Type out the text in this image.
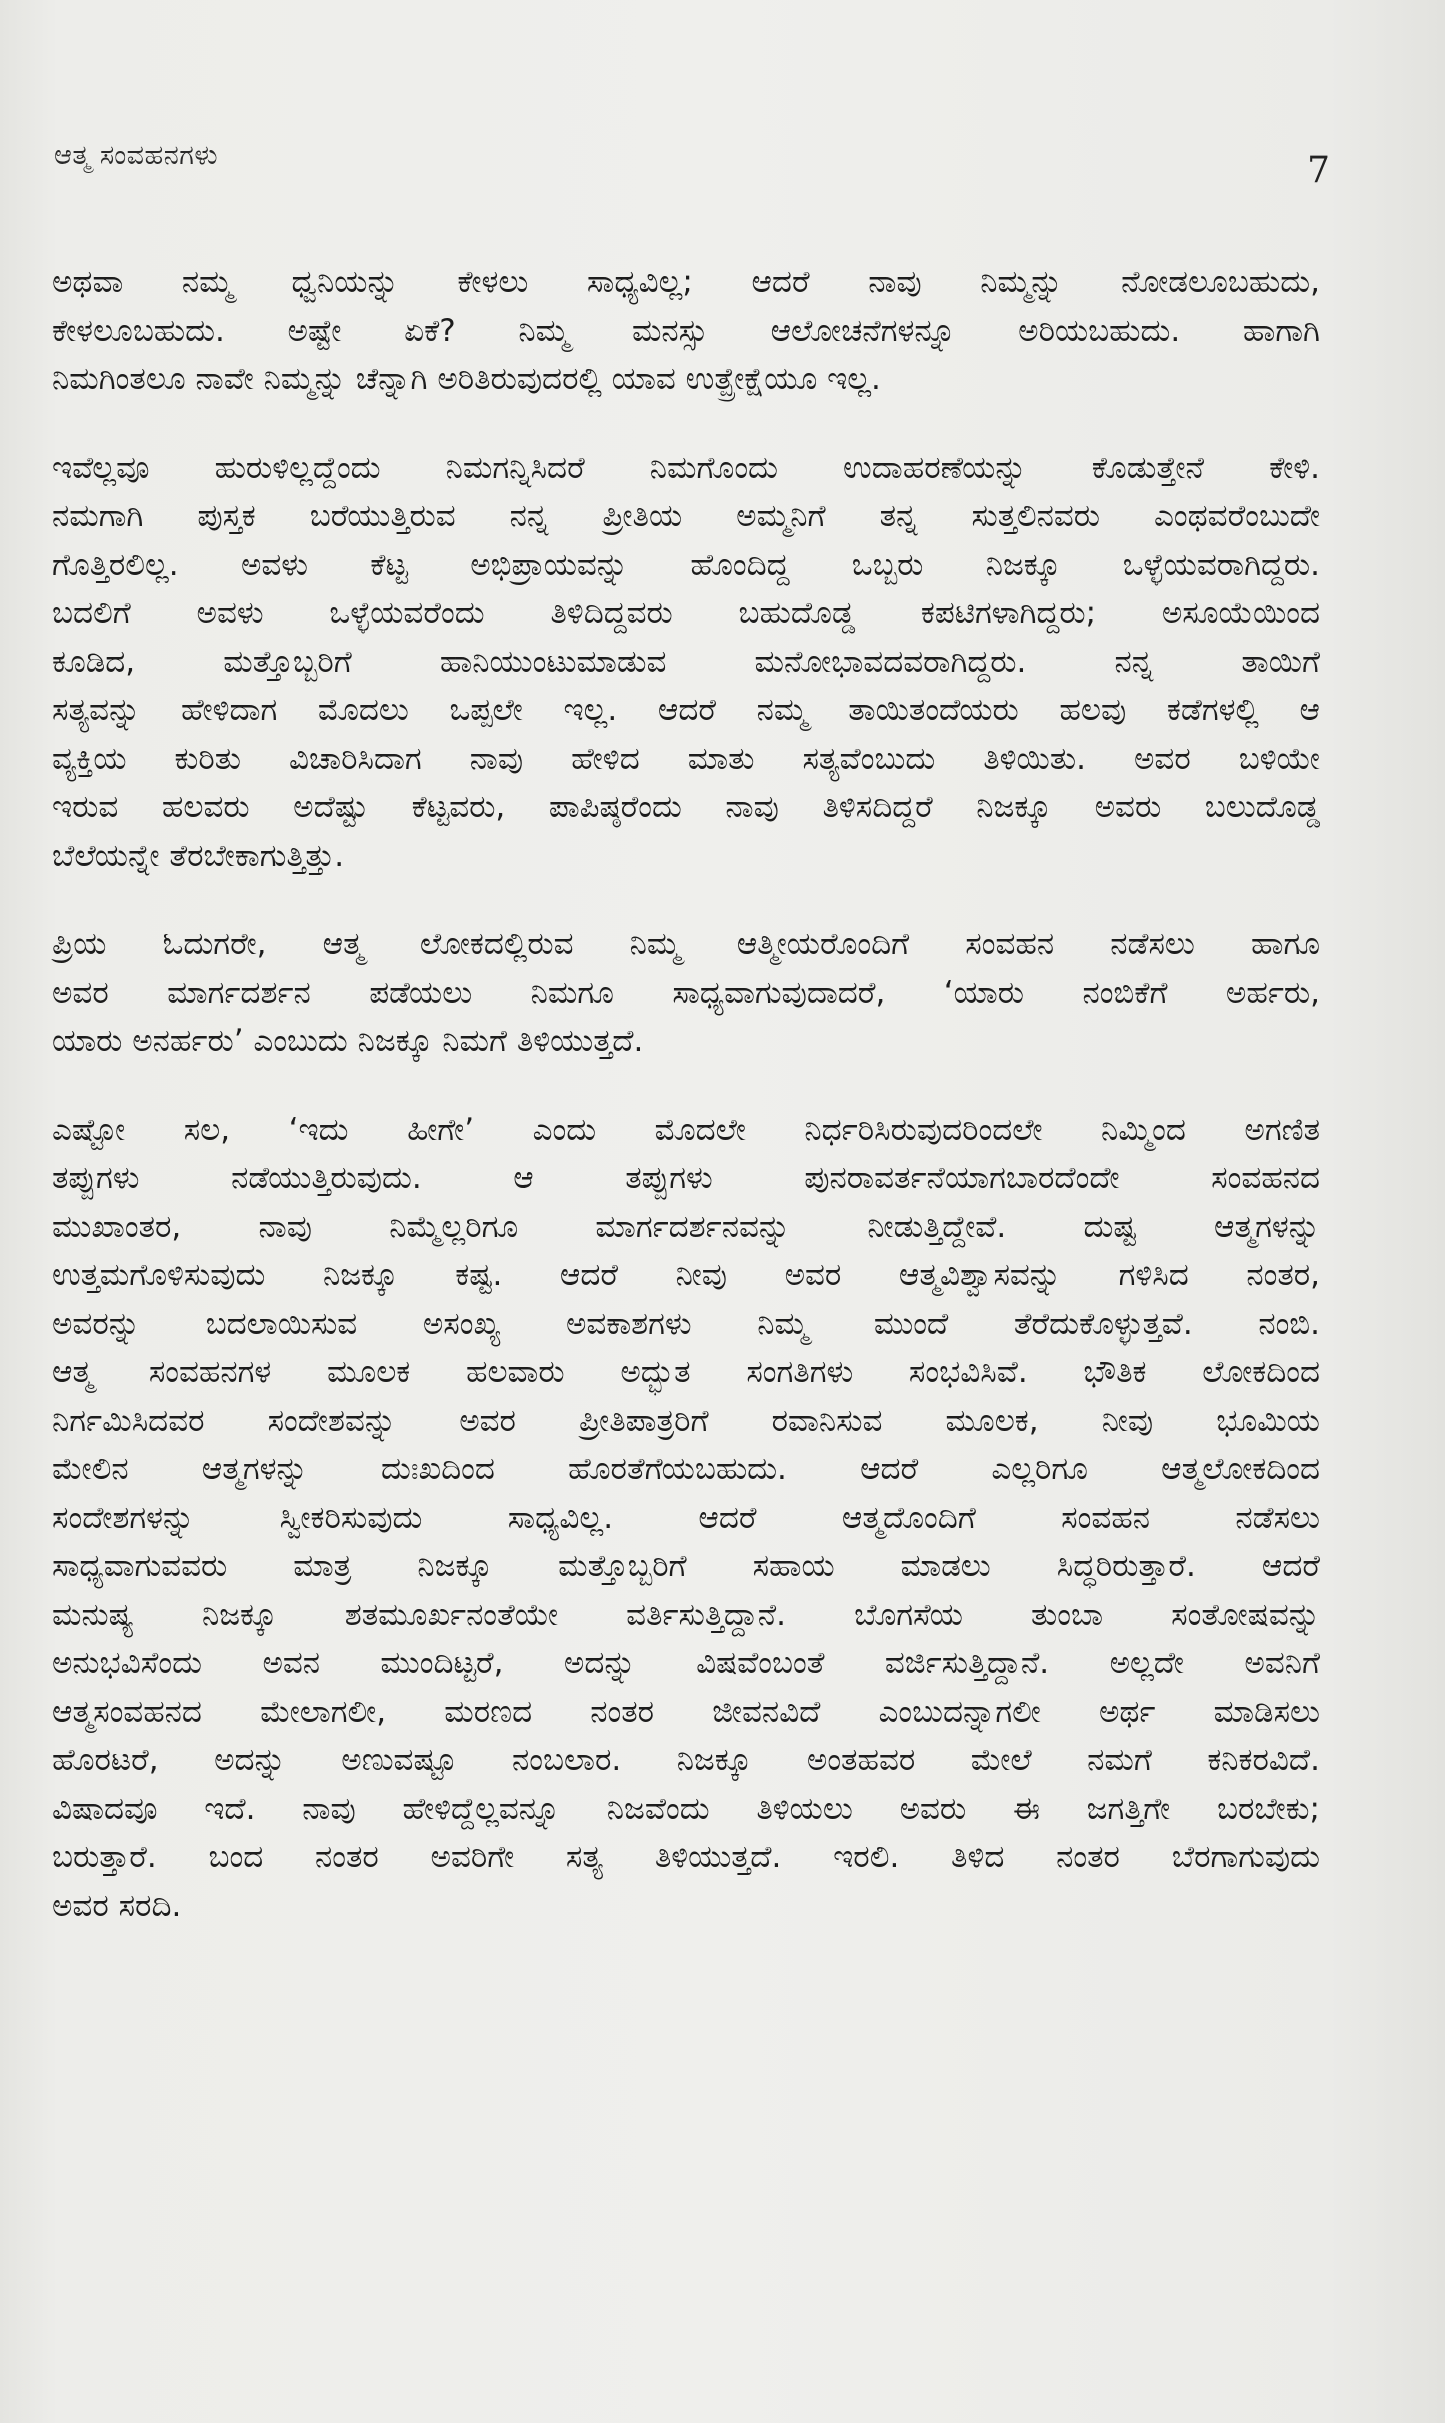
ಆತ್ಮ ಸಂವಹನಗಳು	7

ಅಥವಾ ನಮ್ಮ ಧ್ವನಿಯನ್ನು ಕೇಳಲು ಸಾಧ್ಯವಿಲ್ಲ; ಆದರೆ ನಾವು ನಿಮ್ಮನ್ನು ನೋಡಲೂಬಹುದು,
ಕೇಳಲೂಬಹುದು. ಅಷ್ಟೇ ಏಕೆ? ನಿಮ್ಮ ಮನಸ್ಸು ಆಲೋಚನೆಗಳನ್ನೂ ಅರಿಯಬಹುದು. ಹಾಗಾಗಿ
ನಿಮಗಿಂತಲೂ ನಾವೇ ನಿಮ್ಮನ್ನು ಚೆನ್ನಾಗಿ ಅರಿತಿರುವುದರಲ್ಲಿ ಯಾವ ಉತ್ಪ್ರೇಕ್ಷೆಯೂ ಇಲ್ಲ.

ಇವೆಲ್ಲವೂ ಹುರುಳಿಲ್ಲದ್ದೆಂದು ನಿಮಗನ್ನಿಸಿದರೆ ನಿಮಗೊಂದು ಉದಾಹರಣೆಯನ್ನು ಕೊಡುತ್ತೇನೆ ಕೇಳಿ.
ನಮಗಾಗಿ ಪುಸ್ತಕ ಬರೆಯುತ್ತಿರುವ ನನ್ನ ಪ್ರೀತಿಯ ಅಮ್ಮನಿಗೆ ತನ್ನ ಸುತ್ತಲಿನವರು ಎಂಥವರೆಂಬುದೇ
ಗೊತ್ತಿರಲಿಲ್ಲ. ಅವಳು ಕೆಟ್ಟ ಅಭಿಪ್ರಾಯವನ್ನು ಹೊಂದಿದ್ದ ಒಬ್ಬರು ನಿಜಕ್ಕೂ ಒಳ್ಳೆಯವರಾಗಿದ್ದರು.
ಬದಲಿಗೆ ಅವಳು ಒಳ್ಳೆಯವರೆಂದು ತಿಳಿದಿದ್ದವರು ಬಹುದೊಡ್ಡ ಕಪಟಿಗಳಾಗಿದ್ದರು; ಅಸೂಯೆಯಿಂದ
ಕೂಡಿದ, ಮತ್ತೊಬ್ಬರಿಗೆ ಹಾನಿಯುಂಟುಮಾಡುವ ಮನೋಭಾವದವರಾಗಿದ್ದರು. ನನ್ನ ತಾಯಿಗೆ
ಸತ್ಯವನ್ನು ಹೇಳಿದಾಗ ಮೊದಲು ಒಪ್ಪಲೇ ಇಲ್ಲ. ಆದರೆ ನಮ್ಮ ತಾಯಿತಂದೆಯರು ಹಲವು ಕಡೆಗಳಲ್ಲಿ ಆ
ವ್ಯಕ್ತಿಯ ಕುರಿತು ವಿಚಾರಿಸಿದಾಗ ನಾವು ಹೇಳಿದ ಮಾತು ಸತ್ಯವೆಂಬುದು ತಿಳಿಯಿತು. ಅವರ ಬಳಿಯೇ
ಇರುವ ಹಲವರು ಅದೆಷ್ಟು ಕೆಟ್ಟವರು, ಪಾಪಿಷ್ಠರೆಂದು ನಾವು ತಿಳಿಸದಿದ್ದರೆ ನಿಜಕ್ಕೂ ಅವರು ಬಲುದೊಡ್ಡ
ಬೆಲೆಯನ್ನೇ ತೆರಬೇಕಾಗುತ್ತಿತ್ತು.

ಪ್ರಿಯ ಓದುಗರೇ, ಆತ್ಮ ಲೋಕದಲ್ಲಿರುವ ನಿಮ್ಮ ಆತ್ಮೀಯರೊಂದಿಗೆ ಸಂವಹನ ನಡೆಸಲು ಹಾಗೂ
ಅವರ ಮಾರ್ಗದರ್ಶನ ಪಡೆಯಲು ನಿಮಗೂ ಸಾಧ್ಯವಾಗುವುದಾದರೆ, ‘ಯಾರು ನಂಬಿಕೆಗೆ ಅರ್ಹರು,
ಯಾರು ಅನರ್ಹರು’ ಎಂಬುದು ನಿಜಕ್ಕೂ ನಿಮಗೆ ತಿಳಿಯುತ್ತದೆ.

ಎಷ್ಟೋ ಸಲ, ‘ಇದು ಹೀಗೇ’ ಎಂದು ಮೊದಲೇ ನಿರ್ಧರಿಸಿರುವುದರಿಂದಲೇ ನಿಮ್ಮಿಂದ ಅಗಣಿತ
ತಪ್ಪುಗಳು ನಡೆಯುತ್ತಿರುವುದು. ಆ ತಪ್ಪುಗಳು ಪುನರಾವರ್ತನೆಯಾಗಬಾರದೆಂದೇ ಸಂವಹನದ
ಮುಖಾಂತರ, ನಾವು ನಿಮ್ಮೆಲ್ಲರಿಗೂ ಮಾರ್ಗದರ್ಶನವನ್ನು ನೀಡುತ್ತಿದ್ದೇವೆ. ದುಷ್ಟ ಆತ್ಮಗಳನ್ನು
ಉತ್ತಮಗೊಳಿಸುವುದು ನಿಜಕ್ಕೂ ಕಷ್ಟ. ಆದರೆ ನೀವು ಅವರ ಆತ್ಮವಿಶ್ವಾಸವನ್ನು ಗಳಿಸಿದ ನಂತರ,
ಅವರನ್ನು ಬದಲಾಯಿಸುವ ಅಸಂಖ್ಯ ಅವಕಾಶಗಳು ನಿಮ್ಮ ಮುಂದೆ ತೆರೆದುಕೊಳ್ಳುತ್ತವೆ. ನಂಬಿ.
ಆತ್ಮ ಸಂವಹನಗಳ ಮೂಲಕ ಹಲವಾರು ಅದ್ಭುತ ಸಂಗತಿಗಳು ಸಂಭವಿಸಿವೆ. ಭೌತಿಕ ಲೋಕದಿಂದ
ನಿರ್ಗಮಿಸಿದವರ ಸಂದೇಶವನ್ನು ಅವರ ಪ್ರೀತಿಪಾತ್ರರಿಗೆ ರವಾನಿಸುವ ಮೂಲಕ, ನೀವು ಭೂಮಿಯ
ಮೇಲಿನ ಆತ್ಮಗಳನ್ನು ದುಃಖದಿಂದ ಹೊರತೆಗೆಯಬಹುದು. ಆದರೆ ಎಲ್ಲರಿಗೂ ಆತ್ಮಲೋಕದಿಂದ
ಸಂದೇಶಗಳನ್ನು ಸ್ವೀಕರಿಸುವುದು ಸಾಧ್ಯವಿಲ್ಲ. ಆದರೆ ಆತ್ಮದೊಂದಿಗೆ ಸಂವಹನ ನಡೆಸಲು
ಸಾಧ್ಯವಾಗುವವರು ಮಾತ್ರ ನಿಜಕ್ಕೂ ಮತ್ತೊಬ್ಬರಿಗೆ ಸಹಾಯ ಮಾಡಲು ಸಿದ್ಧರಿರುತ್ತಾರೆ. ಆದರೆ
ಮನುಷ್ಯ ನಿಜಕ್ಕೂ ಶತಮೂರ್ಖನಂತೆಯೇ ವರ್ತಿಸುತ್ತಿದ್ದಾನೆ. ಬೊಗಸೆಯ ತುಂಬಾ ಸಂತೋಷವನ್ನು
ಅನುಭವಿಸೆಂದು ಅವನ ಮುಂದಿಟ್ಟರೆ, ಅದನ್ನು ವಿಷವೆಂಬಂತೆ ವರ್ಜಿಸುತ್ತಿದ್ದಾನೆ. ಅಲ್ಲದೇ ಅವನಿಗೆ
ಆತ್ಮಸಂವಹನದ ಮೇಲಾಗಲೀ, ಮರಣದ ನಂತರ ಜೀವನವಿದೆ ಎಂಬುದನ್ನಾಗಲೀ ಅರ್ಥ ಮಾಡಿಸಲು
ಹೊರಟರೆ, ಅದನ್ನು ಅಣುವಷ್ಟೂ ನಂಬಲಾರ. ನಿಜಕ್ಕೂ ಅಂತಹವರ ಮೇಲೆ ನಮಗೆ ಕನಿಕರವಿದೆ.
ವಿಷಾದವೂ ಇದೆ. ನಾವು ಹೇಳಿದ್ದೆಲ್ಲವನ್ನೂ ನಿಜವೆಂದು ತಿಳಿಯಲು ಅವರು ಈ ಜಗತ್ತಿಗೇ ಬರಬೇಕು;
ಬರುತ್ತಾರೆ. ಬಂದ ನಂತರ ಅವರಿಗೇ ಸತ್ಯ ತಿಳಿಯುತ್ತದೆ. ಇರಲಿ. ತಿಳಿದ ನಂತರ ಬೆರಗಾಗುವುದು
ಅವರ ಸರದಿ.
